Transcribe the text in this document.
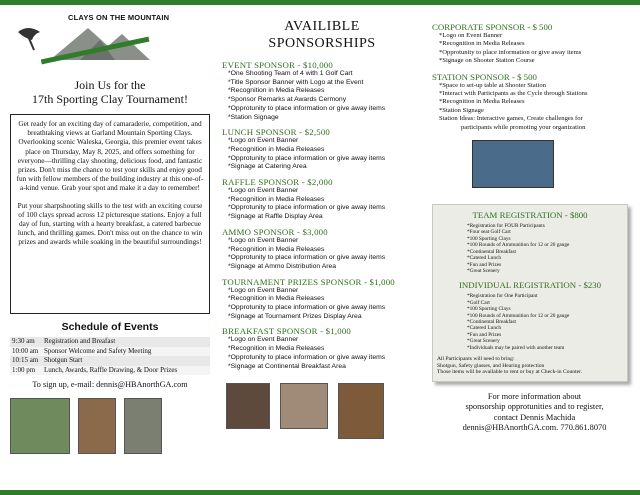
CLAYS ON THE MOUNTAIN
Join Us for the
17th Sporting Clay Tournament!

Get ready for an exciting day of camaraderie, competition, and breathtaking views at Garland Mountain Sporting Clays. Overlooking scenic Waleska, Georgia, this premier event takes place on Thursday, May 8, 2025, and offers something for everyone—thrilling clay shooting, delicious food, and fantastic prizes. Don't miss the chance to test your skills and enjoy good fun with fellow members of the building industry at this one-of-a-kind venue. Grab your spot and make it a day to remember!

Put your sharpshooting skills to the test with an exciting course of 100 clays spread across 12 picturesque stations. Enjoy a full day of fun, starting with a hearty breakfast, a catered barbecue lunch, and thrilling games. Don't miss out on the chance to win prizes and awards while soaking in the beautiful surroundings!

Schedule of Events
9:30 am	Registration and Breafast
10:00 am Sponsor Welcome and Safety Meeting
10:15 am Shotgun Start
1:00 pm	Lunch, Awards, Raffle Drawing, & Door Prizes
To sign up, e-mail: dennis@HBAnorthGA.com
AVAILIBLE
SPONSORSHIPS
EVENT SPONSOR - $10,000
*One Shooting Team of 4 with 1 Golf Cart
*Title Sponsor Banner with Logo at the Event
*Recognition in Media Releases
*Sponsor Remarks at Awards Cermony
*Opprotunity to place information or give away items
*Station Signage
LUNCH SPONSOR - $2,500
*Logo on Event Banner
*Recognition in Media Releases
*Opprotunity to place information or give away items
*Signage at Catering Area
RAFFLE SPONSOR - $2,000
*Logo on Event Banner
*Recognition in Media Releases
*Opprotunity to place information or give away items
*Signage at Raffle Display Area
AMMO SPONSOR - $3,000
*Logo on Event Banner
*Recognition in Media Releases
*Opprotunity to place information or give away items
*Signage at Ammo Distribution Area
TOURNAMENT PRIZES SPONSOR - $1,000
*Logo on Event Banner
*Recognition in Media Releases
*Opprotunity to place information or give away items
*Signage at Tournament Prizes Display Area
BREAKFAST SPONSOR - $1,000
*Logo on Event Banner
*Recognition in Media Releases
*Opprotunity to place information or give away items
*Signage at Continental Breakfast Area
CORPORATE SPONSOR - $ 500
*Logo on Event Banner
*Recognition in Media Releases
*Opprotunity to place information or give away items
*Signage on Shooter Station Course
STATION SPONSOR - $ 500
*Space to set-up table at Shooter Station
*Interact with Participants as the Cycle through Stations
*Recognition in Media Releases
*Station Signage
Station Ideas: Interactive games, Create challenges for
participants while promoting your organization
TEAM REGISTRATION - $800
*Registration for FOUR Participants
*Four seat Golf Cart
*100 Sporting Clays
*100 Rounds of Ammunition for 12 or 20 gauge
*Continental Breakfast
*Catered Lunch
*Fun and Prizes
*Great Scenery
INDIVIDUAL REGISTRATION - $230
*Registration for One Participant
*Golf Cart
*100 Sporting Clays
*100 Rounds of Ammunition for 12 or 20 gauge
*Continental Breakfast
*Catered Lunch
*Fun and Prizes
*Great Scenery
*Individuals may be paired with another team
All Participants will need to bring:
Shotgun, Safety glasses, and Hearing protection
Those items will be available to rent or buy at Check-in Counter.
For more information about
sponsorship opprotunities and to register,
contact Dennis Machida
dennis@HBAnorthGA.com. 770.861.8070
